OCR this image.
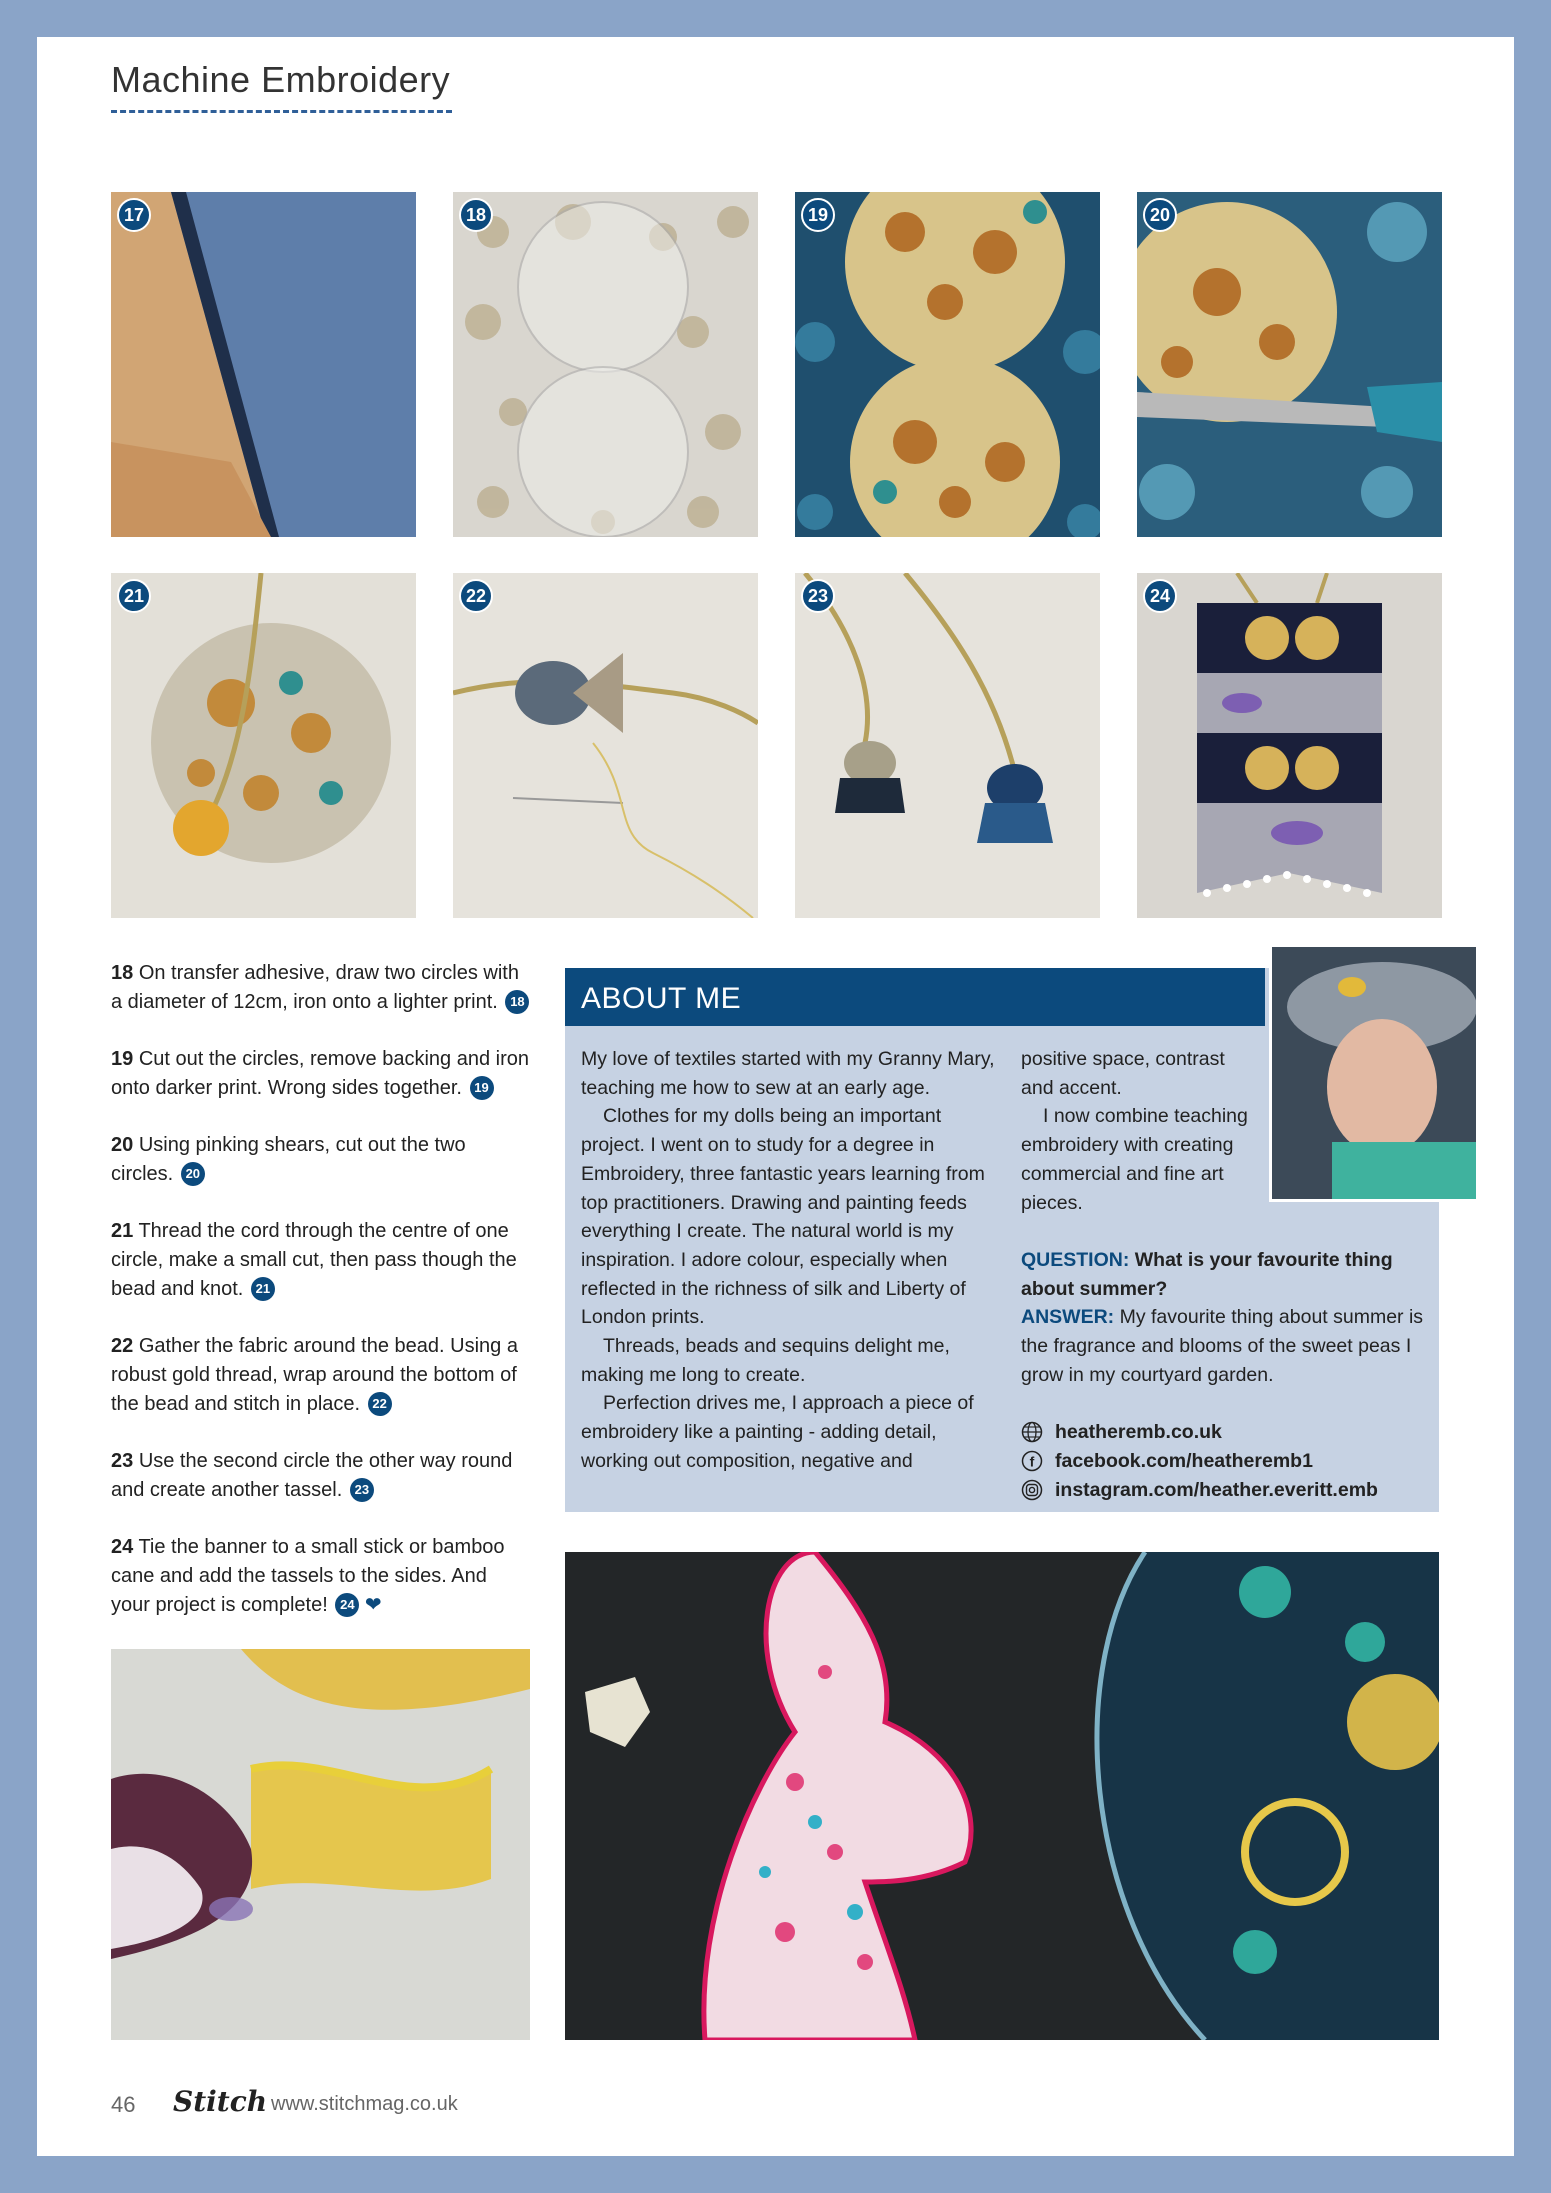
Machine Embroidery
17	18	19	20
21	22	23	24
18 On transfer adhesive, draw two circles with a diameter of 12cm, iron onto a lighter print. 18
19 Cut out the circles, remove backing and iron onto darker print. Wrong sides together. 19
20 Using pinking shears, cut out the two circles. 20
21 Thread the cord through the centre of one circle, make a small cut, then pass though the bead and knot. 21
22 Gather the fabric around the bead. Using a robust gold thread, wrap around the bottom of the bead and stitch in place. 22
23 Use the second circle the other way round and create another tassel. 23
24 Tie the banner to a small stick or bamboo cane and add the tassels to the sides. And your project is complete! 24 ❤
ABOUT ME

My love of textiles started with my Granny Mary, teaching me how to sew at an early age.

Clothes for my dolls being an important project. I went on to study for a degree in Embroidery, three fantastic years learning from top practitioners. Drawing and painting feeds everything I create. The natural world is my inspiration. I adore colour, especially when reflected in the richness of silk and Liberty of London prints.

Threads, beads and sequins delight me, making me long to create.

Perfection drives me, I approach a piece of embroidery like a painting - adding detail, working out composition, negative and

positive space, contrast and accent.

I now combine teaching embroidery with creating commercial and fine art pieces.

QUESTION: What is your favourite thing about summer?

ANSWER: My favourite thing about summer is the fragrance and blooms of the sweet peas I grow in my courtyard garden.

heatheremb.co.uk
f facebook.com/heatheremb1
instagram.com/heather.everitt.emb
46 Stitch www.stitchmag.co.uk
